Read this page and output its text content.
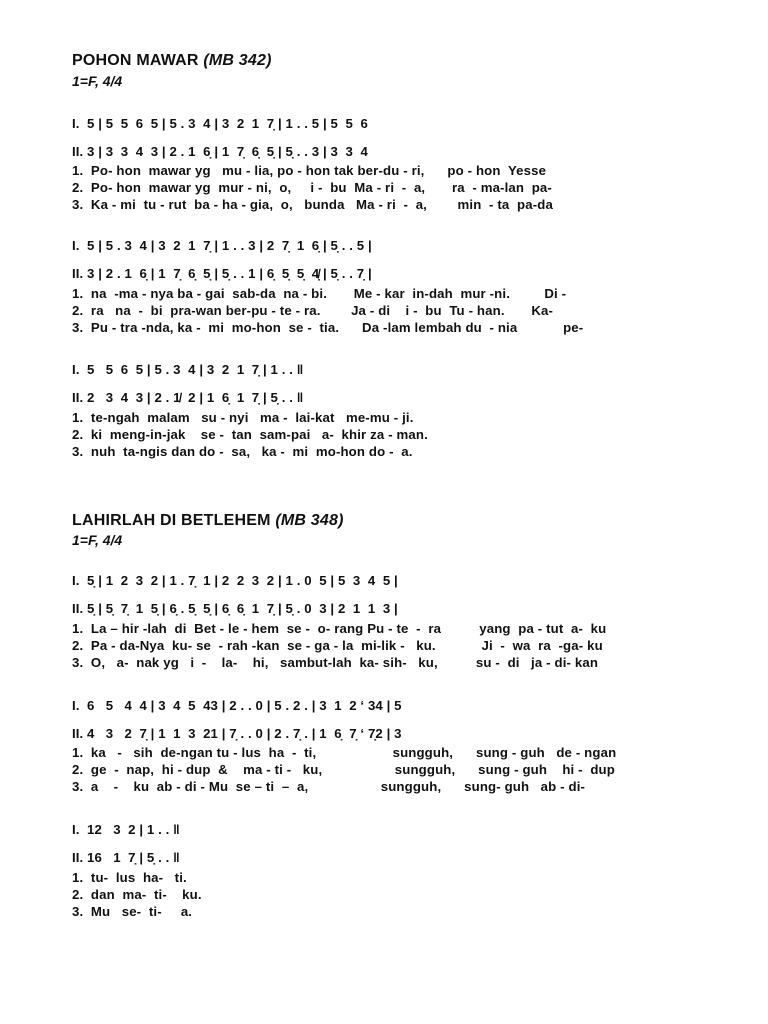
POHON MAWAR (MB 342)
1=F, 4/4
I.  5 | 5  5  6  5 | 5 . 3  4 | 3  2  1  7̣ | 1 . . 5 | 5  5  6
II. 3 | 3  3  4  3 | 2 . 1  6̣ | 1  7̣  6̣  5̣ | 5̣ . . 3 | 3  3  4
1.  Po- hon  mawar yg   mu - lia, po - hon tak ber-du - ri,      po - hon  Yesse
2.  Po- hon  mawar yg  mur - ni,  o,     i -  bu  Ma - ri  -  a,       ra  - ma-lan  pa-
3.  Ka - mi  tu - rut  ba - ha - gia,  o,   bunda   Ma - ri  -  a,        min  - ta  pa-da
I.  5 | 5 . 3  4 | 3  2  1  7̣ | 1 . . 3 | 2  7̣  1  6̣ | 5̣ . . 5 |
II. 3 | 2 . 1  6̣ | 1  7̣  6̣  5̣ | 5̣ . . 1 | 6̣  5̣  5̣  4̸̣ | 5̣ . . 7̣ |
1.  na  -ma - nya ba - gai  sab-da  na - bi.       Me - kar  in-dah  mur -ni.         Di -
2.  ra   na  -  bi  pra-wan ber-pu - te - ra.        Ja - di    i -  bu  Tu - han.       Ka-
3.  Pu - tra -nda, ka -  mi  mo-hon  se -  tia.      Da -lam lembah du  - nia            pe-
I.  5   5  6  5 | 5 . 3  4 | 3  2  1  7̣ | 1 . . ‖
II. 2   3  4  3 | 2 . 1̸  2 | 1  6̣  1  7̣ | 5̣ . . ‖
1.  te-ngah  malam   su - nyi   ma -  lai-kat   me-mu - ji.
2.  ki  meng-in-jak    se -  tan  sam-pai   a-  khir za - man.
3.  nuh  ta-ngis dan do -  sa,   ka -  mi  mo-hon do -  a.
LAHIRLAH DI BETLEHEM (MB 348)
1=F, 4/4
I.  5̣ | 1  2  3  2 | 1 . 7̣  1 | 2  2  3  2 | 1 . 0  5 | 5  3  4  5 |
II. 5̣ | 5̣  7̣  1  5̣ | 6̣ . 5̣  5̣ | 6̣  6̣  1  7̣ | 5̣ . 0  3 | 2  1  1  3 |
1.  La – hir -lah  di  Bet - le - hem  se -  o- rang Pu - te  -  ra          yang  pa - tut  a-  ku
2.  Pa - da-Nya  ku- se  - rah -kan  se - ga - la  mi-lik -   ku.            Ji  -  wa  ra  -ga- ku
3.  O,   a-  nak yg   i  -    la-    hi,   sambut-lah  ka- sih-   ku,          su -  di   ja - di- kan
I.  6   5   4  4 | 3  4  5  43 | 2 . . 0 | 5 . 2 . | 3  1  2 ‘ 34 | 5
II. 4   3   2  7̣ | 1  1  3  21 | 7̣ . . 0 | 2 . 7̣ . | 1  6̣  7̣ ‘ 7̣2 | 3
1.  ka   -   sih  de-ngan tu - lus  ha  -  ti,                    sungguh,      sung - guh   de - ngan
2.  ge  -  nap,  hi - dup  &    ma - ti -   ku,                   sungguh,      sung - guh    hi -  dup
3.  a    -    ku  ab - di - Mu  se – ti  –  a,                   sungguh,      sung- guh   ab - di-
I.  12   3  2 | 1 . . ‖
II. 16   1  7̣ | 5̣ . . ‖
1.  tu-  lus  ha-   ti.
2.  dan  ma-  ti-    ku.
3.  Mu   se-  ti-     a.
